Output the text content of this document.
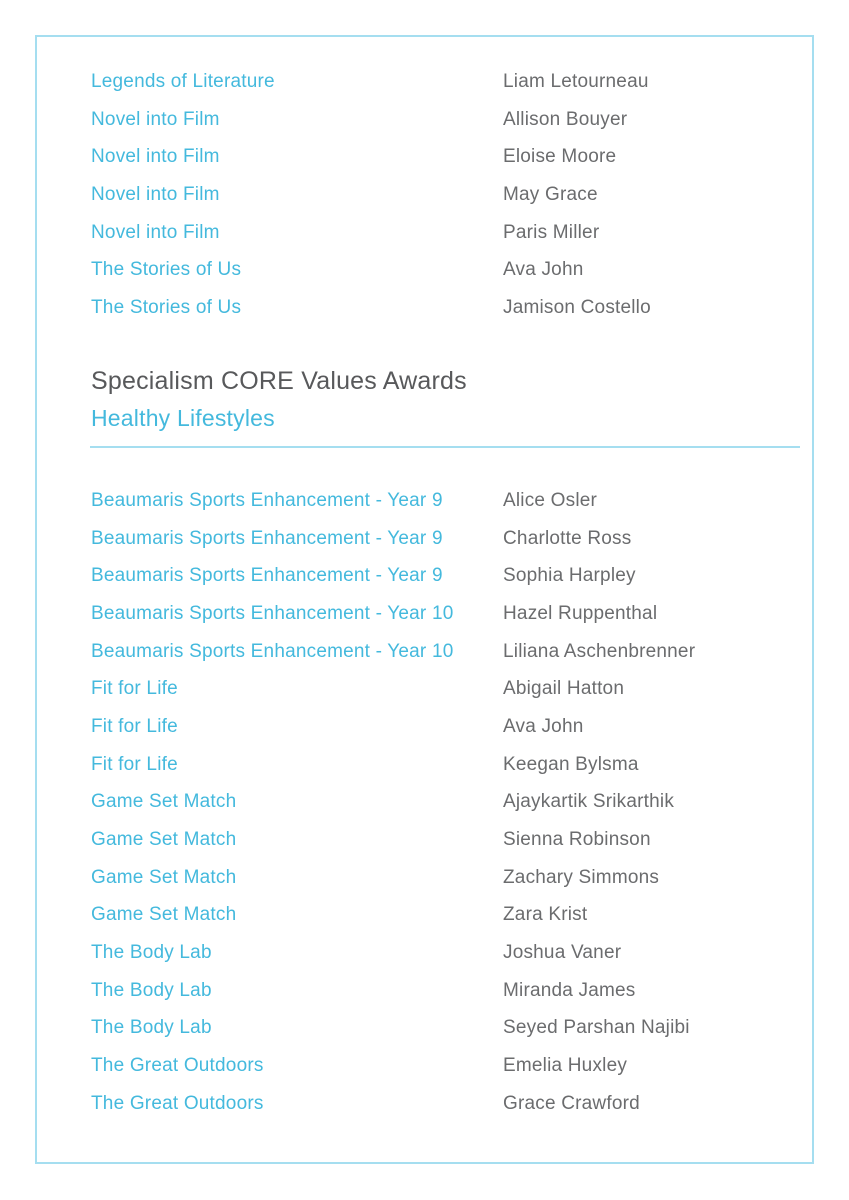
Legends of Literature	Liam Letourneau
Novel into Film	Allison Bouyer
Novel into Film	Eloise Moore
Novel into Film	May Grace
Novel into Film	Paris Miller
The Stories of Us	Ava John
The Stories of Us	Jamison Costello
Specialism CORE Values Awards
Healthy Lifestyles
Beaumaris Sports Enhancement - Year 9	Alice Osler
Beaumaris Sports Enhancement - Year 9	Charlotte Ross
Beaumaris Sports Enhancement - Year 9	Sophia Harpley
Beaumaris Sports Enhancement - Year 10	Hazel Ruppenthal
Beaumaris Sports Enhancement - Year 10	Liliana Aschenbrenner
Fit for Life	Abigail Hatton
Fit for Life	Ava John
Fit for Life	Keegan Bylsma
Game Set Match	Ajaykartik Srikarthik
Game Set Match	Sienna Robinson
Game Set Match	Zachary Simmons
Game Set Match	Zara Krist
The Body Lab	Joshua Vaner
The Body Lab	Miranda James
The Body Lab	Seyed Parshan Najibi
The Great Outdoors	Emelia Huxley
The Great Outdoors	Grace Crawford
